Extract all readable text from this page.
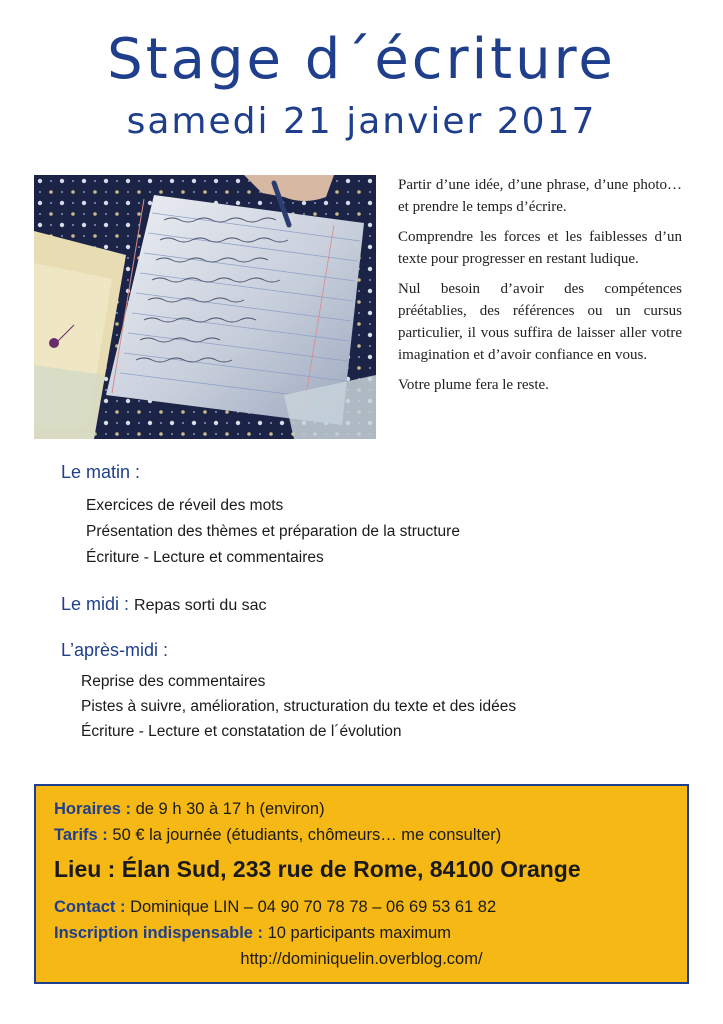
Stage d´écriture
samedi 21 janvier 2017

Partir d’une idée, d’une phrase, d’une photo… et prendre le temps d’écrire.

Comprendre les forces et les faiblesses d’un texte pour progresser en restant ludique.

Nul besoin d’avoir des compétences préétablies, des références ou un cursus particulier, il vous suffira de laisser aller votre imagination et d’avoir confiance en vous.

Votre plume fera le reste.

Le matin :
Exercices de réveil des mots
Présentation des thèmes et préparation de la structure
Écriture - Lecture et commentaires
Le midi : Repas sorti du sac
L’après-midi :
Reprise des commentaires
Pistes à suivre, amélioration, structuration du texte et des idées
Écriture - Lecture et constatation de l´évolution
Horaires : de 9 h 30 à 17 h (environ)
Tarifs : 50 € la journée (étudiants, chômeurs… me consulter)
Lieu : Élan Sud, 233 rue de Rome, 84100 Orange
Contact : Dominique LIN – 04 90 70 78 78 – 06 69 53 61 82
Inscription indispensable : 10 participants maximum
http://dominiquelin.overblog.com/
